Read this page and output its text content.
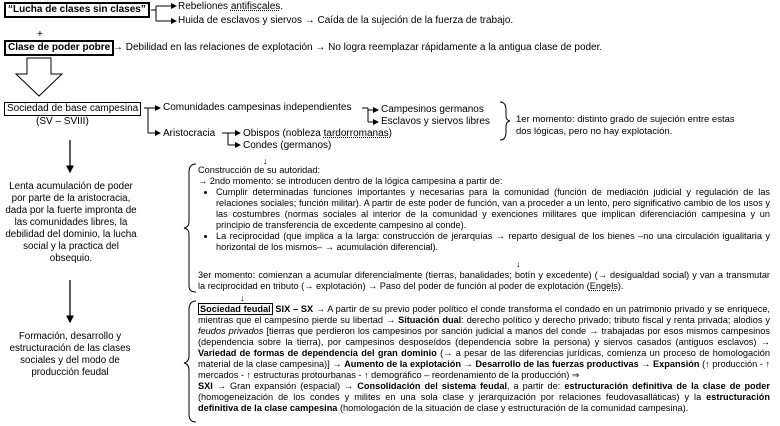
“Lucha de clases sin clases”	Rebeliones antifiscales.
Huida de esclavos y siervos → Caída de la sujeción de la fuerza de trabajo.
+
Clase de poder pobre → Debilidad en las relaciones de explotación → No logra reemplazar rápidamente a la antigua clase de poder.
Sociedad de base campesina
(SV – SVIII)
Comunidades campesinas independientes	Campesinos germanos
Esclavos y siervos libres	1er momento: distinto grado de sujeción entre estas dos lógicas, pero no hay explotación.
Aristocracia	Obispos (nobleza tardorromanas)
Condes (germanos)
Lenta acumulación de poder por parte de la aristocracia, dada por la fuerte impronta de las comunidades libres, la debilidad del dominio, la lucha social y la practica del obsequio.
Formación, desarrollo y estructuración de las clases sociales y del modo de producción feudal
↓

Construcción de su autoridad:

→ 2ndo momento: se introducen dentro de la lógica campesina a partir de:

• Cumplir determinadas funciones importantes y necesarias para la comunidad (función de mediación judicial y regulación de las relaciones sociales; función militar). A partir de este poder de función, van a proceder a un lento, pero significativo cambio de los usos y las costumbres (normas sociales al interior de la comunidad y exenciones militares que implican diferenciación campesina y un principio de transferencia de excedente campesino al conde).
• La reciprocidad (que implica a la larga: construcción de jerarquías → reparto desigual de los bienes –no una circulación igualitaria y horizontal de los mismos– → acumulación diferencial).
↓
3er momento: comienzan a acumular diferencialmente (tierras, banalidades; botín y excedente) (→ desigualdad social) y van a transmutar la reciprocidad en tributo (→ explotación) → Paso del poder de función al poder de explotación (Engels).
↓
Sociedad feudal SIX – SX → A partir de su previo poder político el conde transforma el condado en un patrimonio privado y se enriquece, mientras que el campesino pierde su libertad → Situación dual: derecho político y derecho privado; tributo fiscal y renta privada; alodios y feudos privados [tierras que perdieron los campesinos por sanción judicial a manos del conde → trabajadas por esos mismos campesinos (dependencia sobre la tierra), por campesinos desposeídos (dependencia sobre la persona) y siervos casados (antiguos esclavos) → Variedad de formas de dependencia del gran dominio (→ a pesar de las diferencias jurídicas, comienza un proceso de homologación material de la clase campesina)] → Aumento de la explotación → Desarrollo de las fuerzas productivas → Expansión (↑ producción - ↑ mercados - ↑ estructuras protourbanas - ↑ demográfico – reordenamiento de la producción) ⇒
SXI → Gran expansión (espacial) → Consolidación del sistema feudal, a partir de: estructuración definitiva de la clase de poder (homogeneización de los condes y milites en una sola clase y jerarquización por relaciones feudovasalláticas) y la estructuración definitiva de la clase campesina (homologación de la situación de clase y estructuración de la comunidad campesina).
